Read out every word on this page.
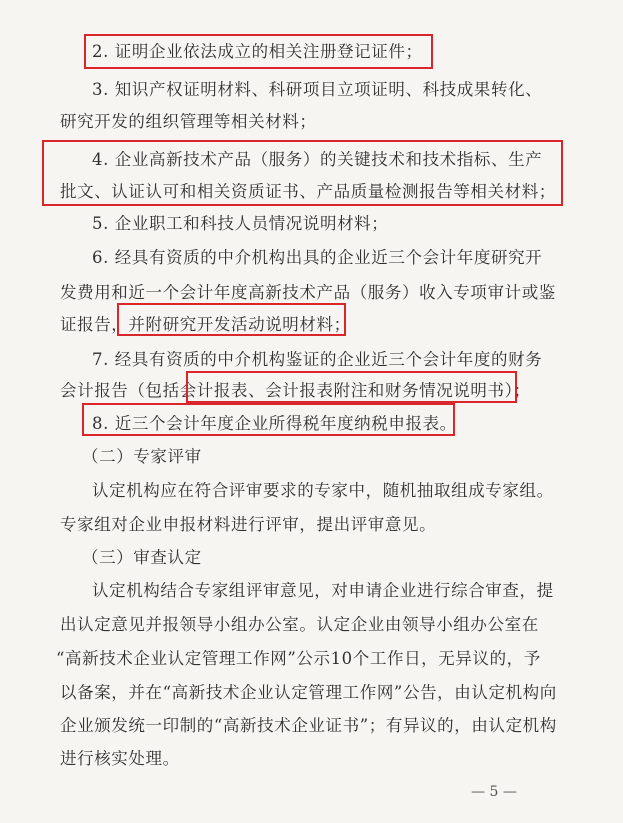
2. 证明企业依法成立的相关注册登记证件；
3. 知识产权证明材料、科研项目立项证明、科技成果转化、
研究开发的组织管理等相关材料；
4. 企业高新技术产品（服务）的关键技术和技术指标、生产
批文、认证认可和相关资质证书、产品质量检测报告等相关材料；
5. 企业职工和科技人员情况说明材料；
6. 经具有资质的中介机构出具的企业近三个会计年度研究开
发费用和近一个会计年度高新技术产品（服务）收入专项审计或鉴
证报告，并附研究开发活动说明材料；
7. 经具有资质的中介机构鉴证的企业近三个会计年度的财务
会计报告（包括会计报表、会计报表附注和财务情况说明书）；
8. 近三个会计年度企业所得税年度纳税申报表。
（二）专家评审
认定机构应在符合评审要求的专家中，随机抽取组成专家组。
专家组对企业申报材料进行评审，提出评审意见。
（三）审查认定
认定机构结合专家组评审意见，对申请企业进行综合审查，提
出认定意见并报领导小组办公室。认定企业由领导小组办公室在
“高新技术企业认定管理工作网”公示10个工作日，无异议的，予
以备案，并在“高新技术企业认定管理工作网”公告，由认定机构向
企业颁发统一印制的“高新技术企业证书”；有异议的，由认定机构
进行核实处理。
— 5 —
